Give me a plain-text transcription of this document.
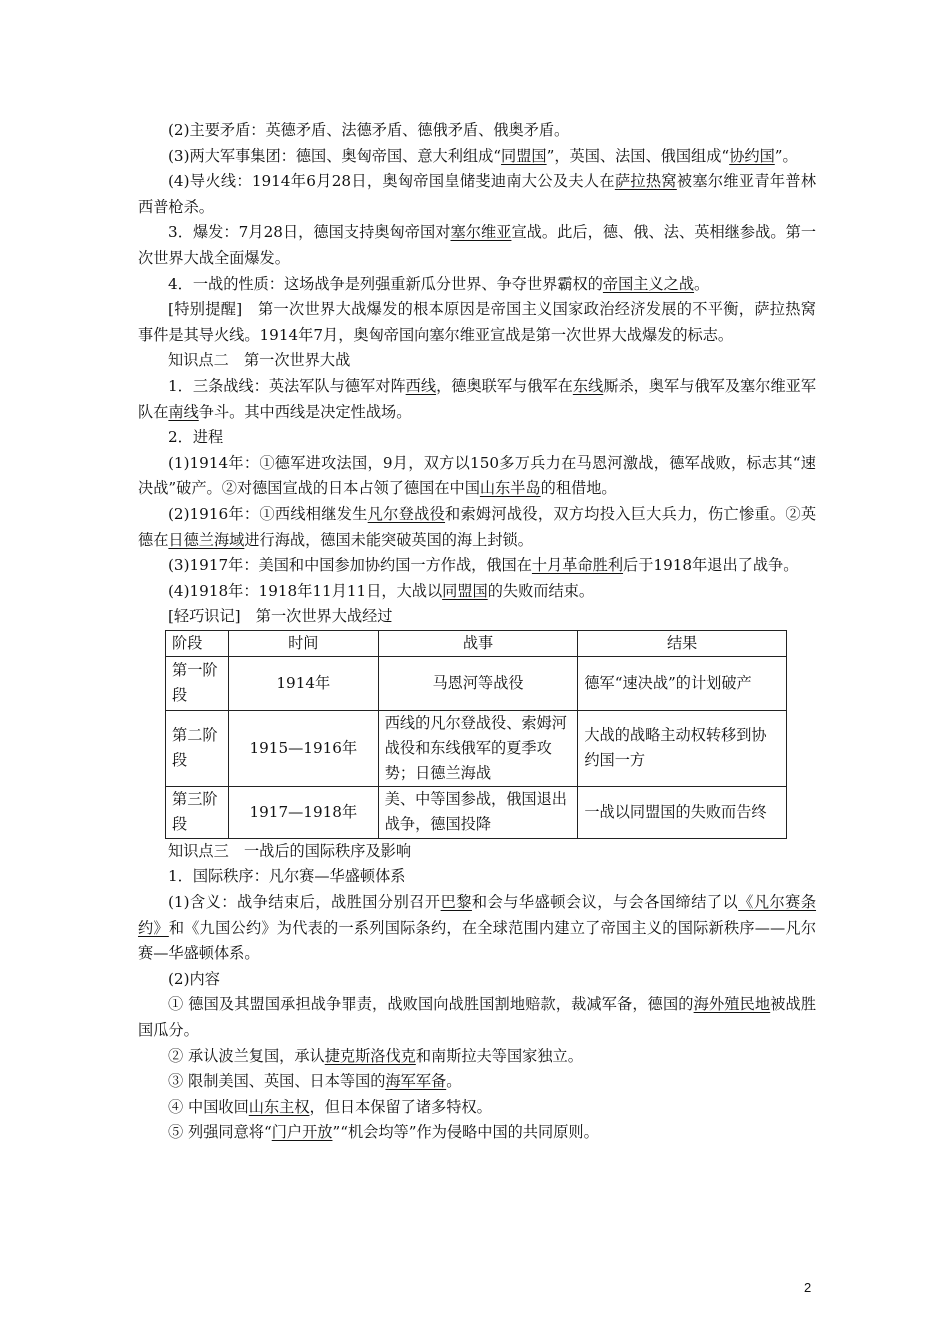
(2)主要矛盾：英德矛盾、法德矛盾、德俄矛盾、俄奥矛盾。

(3)两大军事集团：德国、奥匈帝国、意大利组成“同盟国”，英国、法国、俄国组成“协约国”。

(4)导火线：1914年6月28日，奥匈帝国皇储斐迪南大公及夫人在萨拉热窝被塞尔维亚青年普林西普枪杀。

3．爆发：7月28日，德国支持奥匈帝国对塞尔维亚宣战。此后，德、俄、法、英相继参战。第一次世界大战全面爆发。

4．一战的性质：这场战争是列强重新瓜分世界、争夺世界霸权的帝国主义之战。

[特别提醒]　第一次世界大战爆发的根本原因是帝国主义国家政治经济发展的不平衡，萨拉热窝事件是其导火线。1914年7月，奥匈帝国向塞尔维亚宣战是第一次世界大战爆发的标志。

知识点二　第一次世界大战

1．三条战线：英法军队与德军对阵西线，德奥联军与俄军在东线厮杀，奥军与俄军及塞尔维亚军队在南线争斗。其中西线是决定性战场。

2．进程

(1)1914年：①德军进攻法国，9月，双方以150多万兵力在马恩河激战，德军战败，标志其“速决战”破产。②对德国宣战的日本占领了德国在中国山东半岛的租借地。

(2)1916年：①西线相继发生凡尔登战役和索姆河战役，双方均投入巨大兵力，伤亡惨重。②英德在日德兰海域进行海战，德国未能突破英国的海上封锁。

(3)1917年：美国和中国参加协约国一方作战，俄国在十月革命胜利后于1918年退出了战争。

(4)1918年：1918年11月11日，大战以同盟国的失败而结束。

[轻巧识记]　第一次世界大战经过

阶段	时间	战事	结果
第一阶段	1914年	马恩河等战役	德军“速决战”的计划破产
第二阶段	1915—1916年	西线的凡尔登战役、索姆河战役和东线俄军的夏季攻势；日德兰海战	大战的战略主动权转移到协约国一方
第三阶段	1917—1918年	美、中等国参战，俄国退出战争，德国投降	一战以同盟国的失败而告终

知识点三　一战后的国际秩序及影响

1．国际秩序：凡尔赛—华盛顿体系

(1)含义：战争结束后，战胜国分别召开巴黎和会与华盛顿会议，与会各国缔结了以《凡尔赛条约》和《九国公约》为代表的一系列国际条约，在全球范围内建立了帝国主义的国际新秩序——凡尔赛—华盛顿体系。

(2)内容

① 德国及其盟国承担战争罪责，战败国向战胜国割地赔款，裁减军备，德国的海外殖民地被战胜国瓜分。

② 承认波兰复国，承认捷克斯洛伐克和南斯拉夫等国家独立。

③ 限制美国、英国、日本等国的海军军备。

④ 中国收回山东主权，但日本保留了诸多特权。

⑤ 列强同意将“门户开放”“机会均等”作为侵略中国的共同原则。

2
